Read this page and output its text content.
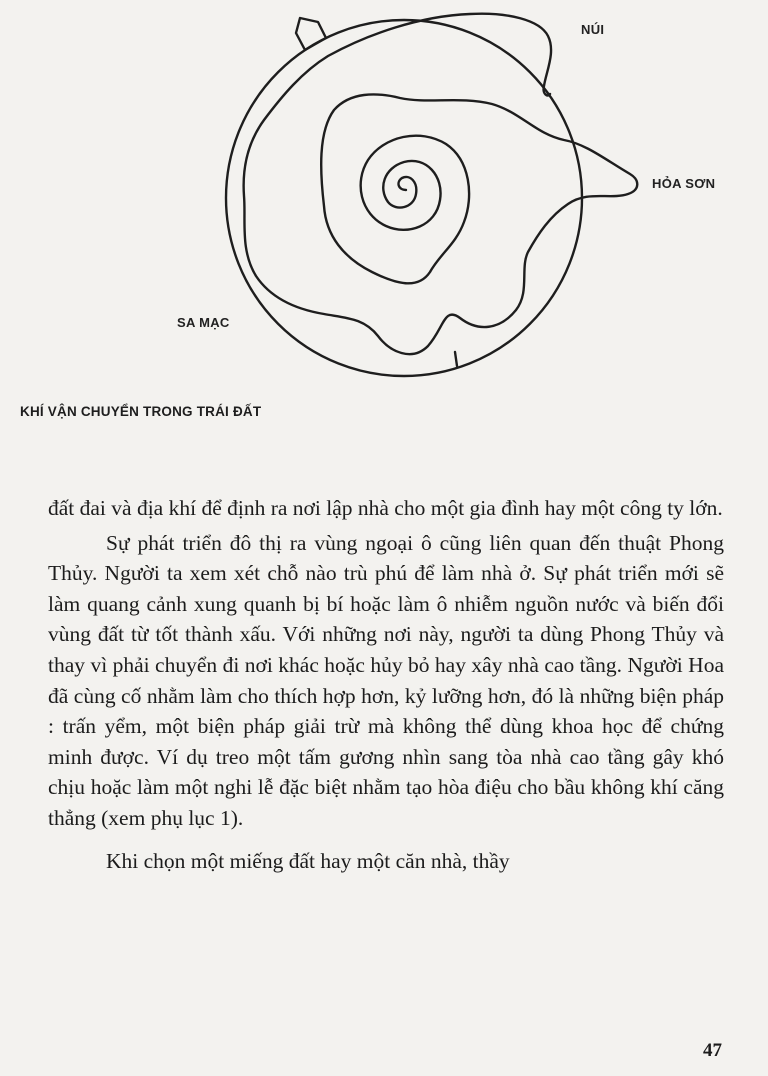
NÚI
HỎA SƠN
SA MẠC
KHÍ VẬN CHUYỂN TRONG TRÁI ĐẤT

đất đai và địa khí để định ra nơi lập nhà cho một gia đình hay một công ty lớn.

Sự phát triển đô thị ra vùng ngoại ô cũng liên quan đến thuật Phong Thủy. Người ta xem xét chỗ nào trù phú để làm nhà ở. Sự phát triển mới sẽ làm quang cảnh xung quanh bị bí hoặc làm ô nhiễm nguồn nước và biến đổi vùng đất từ tốt thành xấu. Với những nơi này, người ta dùng Phong Thủy và thay vì phải chuyển đi nơi khác hoặc hủy bỏ hay xây nhà cao tầng. Người Hoa đã cùng cố nhằm làm cho thích hợp hơn, kỷ lưỡng hơn, đó là những biện pháp : trấn yểm, một biện pháp giải trừ mà không thể dùng khoa học để chứng minh được. Ví dụ treo một tấm gương nhìn sang tòa nhà cao tầng gây khó chịu hoặc làm một nghi lễ đặc biệt nhằm tạo hòa điệu cho bầu không khí căng thẳng (xem phụ lục 1).

Khi chọn một miếng đất hay một căn nhà, thầy

47
